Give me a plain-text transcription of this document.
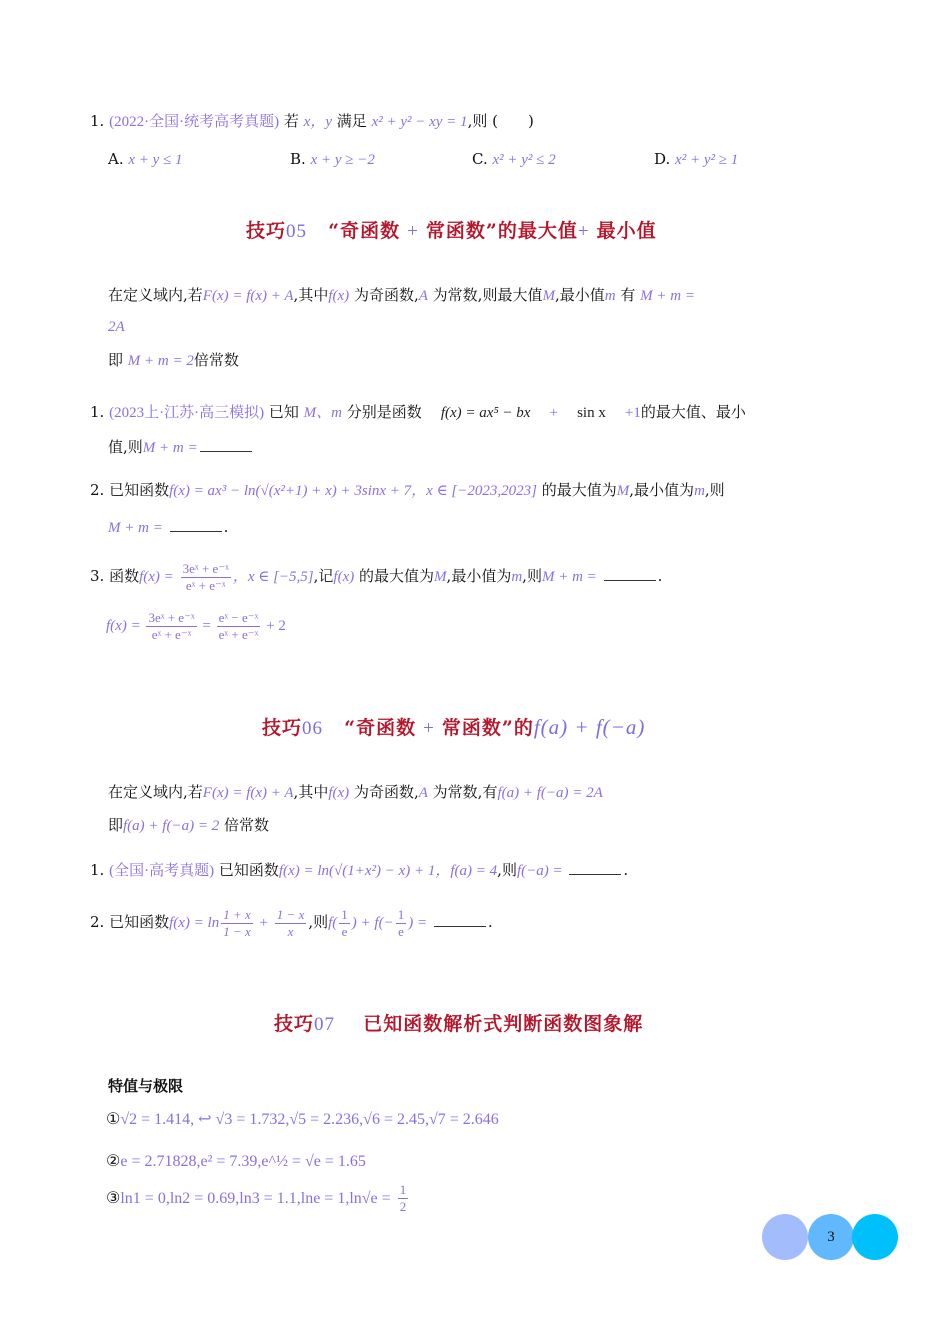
1. (2022·全国·统考高考真题) 若 x，y 满足 x² + y² − xy = 1,则 (　　)
A. x + y ≤ 1	B. x + y ≥ −2	C. x² + y² ≤ 2	D. x² + y² ≥ 1
技巧05 “奇函数 + 常函数”的最大值+ 最小值
在定义域内,若F(x) = f(x) + A,其中f(x) 为奇函数,A 为常数,则最大值M,最小值m 有 M + m =
2A
即 M + m = 2倍常数
1. (2023上·江苏·高三模拟) 已知 M、m 分别是函数 f(x) = ax⁵ − bx + sin x +1的最大值、最小
值,则M + m =
2. 已知函数f(x) = ax³ − ln(√(x²+1) + x) + 3sinx + 7，x ∈ [−2023,2023] 的最大值为M,最小值为m,则
M + m =	.
3. 函数$f(x) = \frac{\text{3eˣ + e⁻ˣ}}{\text{eˣ + e⁻ˣ}}$ ，x ∈ [−5,5],记f(x) 的最大值为M,最小值为m,则M + m =	.
$f(x) = \frac{\text{3eˣ + e⁻ˣ}}{\text{eˣ + e⁻ˣ}} = \frac{\text{eˣ − e⁻ˣ}}{\text{eˣ + e⁻ˣ}} + 2$
技巧06 “奇函数 + 常函数”的f(a) + f(−a)
在定义域内,若F(x) = f(x) + A,其中f(x) 为奇函数,A 为常数,有f(a) + f(−a) = 2A
即f(a) + f(−a) = 2 倍常数
1. (全国·高考真题) 已知函数f(x) = ln(√(1+x²) − x) + 1，f(a) = 4,则f(−a) =	.
2. 已知函数$f(x) = \ln \frac{1 + x}{1 - x} + \frac{1 - x}{x}$ ,则$f( \frac{1}{e}$ ) + $f(- \frac{1}{e}$ ) =	.
技巧07 已知函数解析式判断函数图象解
特值与极限
①√2 = 1.414, ↩ √3 = 1.732,√5 = 2.236,√6 = 2.45,√7 = 2.646
②e = 2.71828,e² = 7.39,e^½ = √e = 1.65
③ln1 = $0,\ln 2 = 0.69,\ln 3 = 1.1,\ln e = 1,\ln√e = \frac{1}{2}$
3
